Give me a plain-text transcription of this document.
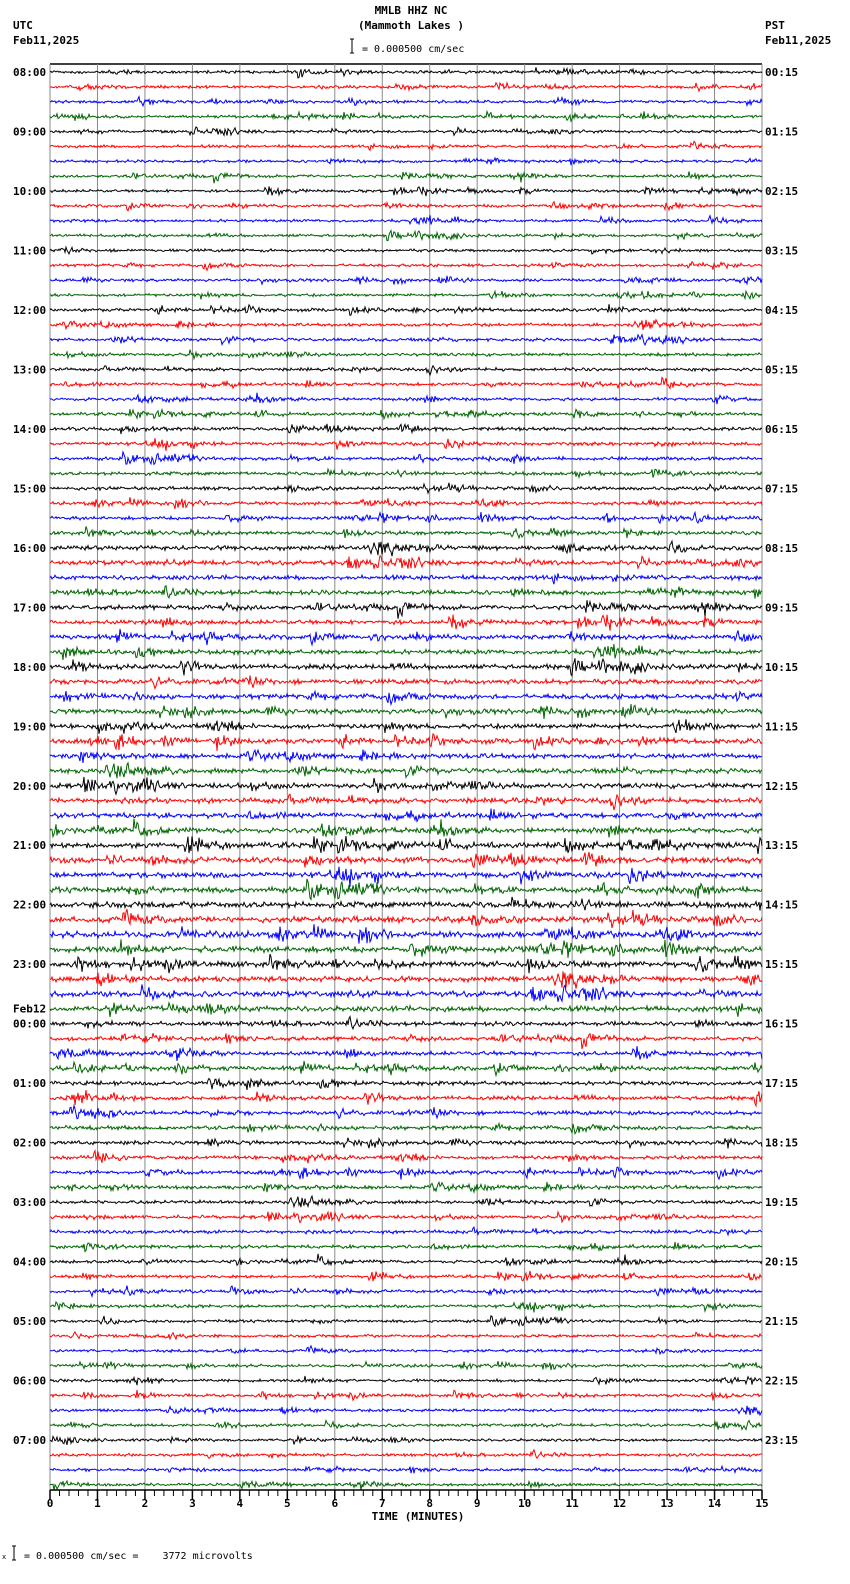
MMLB HHZ NC
(Mammoth Lakes )
UTC
Feb11,2025
PST
Feb11,2025
= 0.000500 cm/sec
08:00
09:00
10:00
11:00
12:00
13:00
14:00
15:00
16:00
17:00
18:00
19:00
20:00
21:00
22:00
23:00
00:00
Feb12
01:00
02:00
03:00
04:00
05:00
06:00
07:00
00:15
01:15
02:15
03:15
04:15
05:15
06:15
07:15
08:15
09:15
10:15
11:15
12:15
13:15
14:15
15:15
16:15
17:15
18:15
19:15
20:15
21:15
22:15
23:15
0	1	2	3	4	5	6	7	8	9	10	11	12	13	14	15
TIME (MINUTES)
x = 0.000500 cm/sec =    3772 microvolts
